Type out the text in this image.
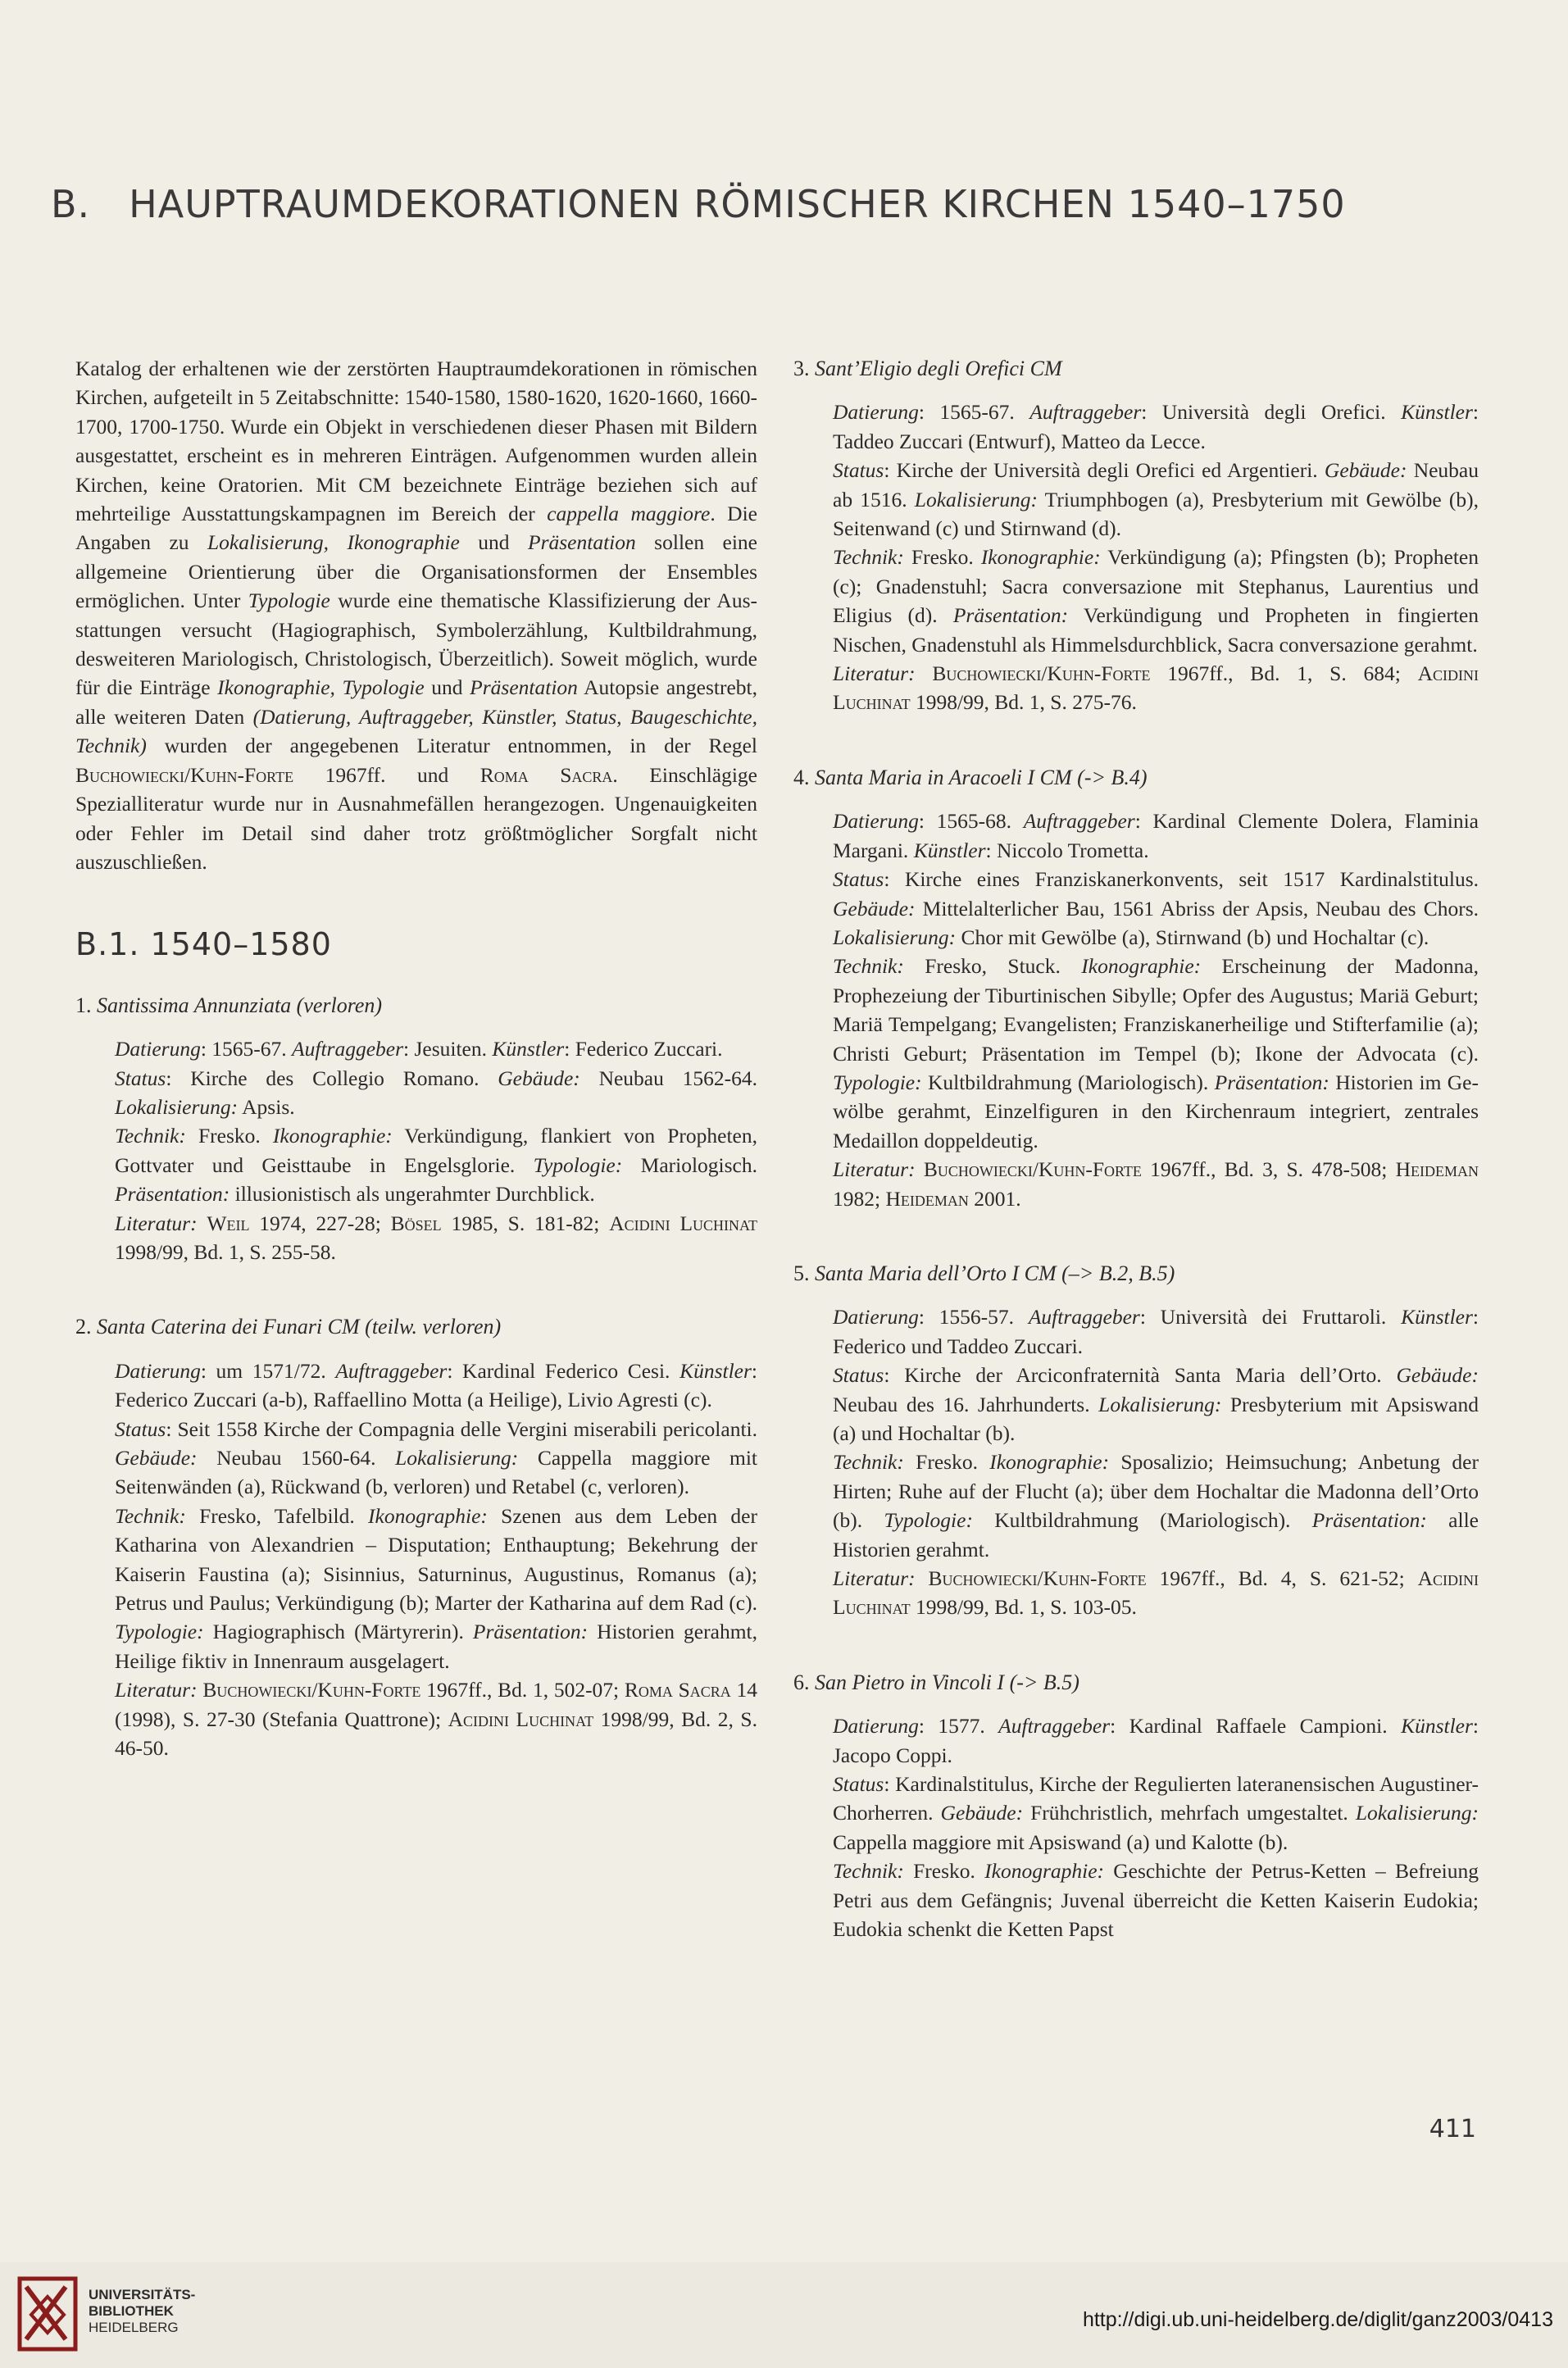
B. HAUPTRAUMDEKORATIONEN RÖMISCHER KIRCHEN 1540–1750

Katalog der erhaltenen wie der zerstörten Hauptraumdekorationen in römischen Kirchen, aufgeteilt in 5 Zeitabschnitte: 1540-1580, 1580-1620, 1620-1660, 1660-1700, 1700-1750. Wurde ein Objekt in verschiedenen dieser Phasen mit Bildern ausgestattet, erscheint es in mehreren Einträgen. Aufgenommen wurden allein Kirchen, keine Oratorien. Mit CM bezeichnete Einträge beziehen sich auf mehrteilige Ausstattungskampagnen im Bereich der cappella maggiore. Die Angaben zu Lokalisierung, Ikonographie und Präsentation sollen eine allgemeine Orientierung über die Organisationsformen der Ensembles ermöglichen. Unter Typologie wurde eine thematische Klassifizierung der Ausstattungen versucht (Hagiographisch, Symbolerzählung, Kultbildrahmung, desweiteren Mariologisch, Christologisch, Überzeitlich). Soweit möglich, wurde für die Einträge Ikonographie, Typologie und Präsentation Autopsie angestrebt, alle weiteren Daten (Datierung, Auftraggeber, Künstler, Status, Baugeschichte, Technik) wurden der angegebenen Literatur entnommen, in der Regel Buchowiecki/Kuhn-Forte 1967ff. und Roma Sacra. Einschlägige Spezialliteratur wurde nur in Ausnahmefällen herangezogen. Ungenauigkeiten oder Fehler im Detail sind daher trotz größtmöglicher Sorgfalt nicht auszuschließen.

B.1. 1540–1580
1. Santissima Annunziata (verloren)

Datierung: 1565-67. Auftraggeber: Jesuiten. Künstler: Federico Zuccari.

Status: Kirche des Collegio Romano. Gebäude: Neubau 1562-64. Lokalisierung: Apsis.

Technik: Fresko. Ikonographie: Verkündigung, flankiert von Propheten, Gottvater und Geisttaube in Engelsglorie. Typologie: Mariologisch. Präsentation: illusionistisch als ungerahmter Durchblick.

Literatur: Weil 1974, 227-28; Bösel 1985, S. 181-82; Acidini Luchinat 1998/99, Bd. 1, S. 255-58.

2. Santa Caterina dei Funari CM (teilw. verloren)

Datierung: um 1571/72. Auftraggeber: Kardinal Federico Cesi. Künstler: Federico Zuccari (a-b), Raffaellino Motta (a Heilige), Livio Agresti (c).

Status: Seit 1558 Kirche der Compagnia delle Vergini miserabili pericolanti. Gebäude: Neubau 1560-64. Lokalisierung: Cappella maggiore mit Seitenwänden (a), Rückwand (b, verloren) und Retabel (c, verloren).

Technik: Fresko, Tafelbild. Ikonographie: Szenen aus dem Leben der Katharina von Alexandrien – Disputation; Enthauptung; Bekehrung der Kaiserin Faustina (a); Sisinnius, Saturninus, Augustinus, Romanus (a); Petrus und Paulus; Verkündigung (b); Marter der Katharina auf dem Rad (c). Typologie: Hagiographisch (Märtyrerin). Präsentation: Historien gerahmt, Heilige fiktiv in Innenraum ausgelagert.

Literatur: Buchowiecki/Kuhn-Forte 1967ff., Bd. 1, 502-07; Roma Sacra 14 (1998), S. 27-30 (Stefania Quattrone); Acidini Luchinat 1998/99, Bd. 2, S. 46-50.

3. Sant’Eligio degli Orefici CM

Datierung: 1565-67. Auftraggeber: Università degli Orefici. Künstler: Taddeo Zuccari (Entwurf), Matteo da Lecce.

Status: Kirche der Università degli Orefici ed Argentieri. Gebäude: Neubau ab 1516. Lokalisierung: Triumphbogen (a), Presbyterium mit Gewölbe (b), Seitenwand (c) und Stirnwand (d).

Technik: Fresko. Ikonographie: Verkündigung (a); Pfingsten (b); Propheten (c); Gnadenstuhl; Sacra conversazione mit Stephanus, Laurentius und Eligius (d). Präsentation: Verkündigung und Propheten in fingierten Nischen, Gnadenstuhl als Himmelsdurchblick, Sacra conversazione gerahmt.

Literatur: Buchowiecki/Kuhn-Forte 1967ff., Bd. 1, S. 684; Acidini Luchinat 1998/99, Bd. 1, S. 275-76.

4. Santa Maria in Aracoeli I CM (-> B.4)

Datierung: 1565-68. Auftraggeber: Kardinal Clemente Dolera, Flaminia Margani. Künstler: Niccolo Trometta.

Status: Kirche eines Franziskanerkonvents, seit 1517 Kardinalstitulus. Gebäude: Mittelalterlicher Bau, 1561 Abriss der Apsis, Neubau des Chors. Lokalisierung: Chor mit Gewölbe (a), Stirnwand (b) und Hochaltar (c).

Technik: Fresko, Stuck. Ikonographie: Erscheinung der Madonna, Prophezeiung der Tiburtinischen Sibylle; Opfer des Augustus; Mariä Geburt; Mariä Tempelgang; Evangelisten; Franziskanerheilige und Stifterfamilie (a); Christi Geburt; Präsentation im Tempel (b); Ikone der Advocata (c). Typologie: Kultbildrahmung (Mariologisch). Präsentation: Historien im Gewölbe gerahmt, Einzelfiguren in den Kirchenraum integriert, zentrales Medaillon doppeldeutig.

Literatur: Buchowiecki/Kuhn-Forte 1967ff., Bd. 3, S. 478-508; Heideman 1982; Heideman 2001.

5. Santa Maria dell’Orto I CM (–> B.2, B.5)

Datierung: 1556-57. Auftraggeber: Università dei Fruttaroli. Künstler: Federico und Taddeo Zuccari.

Status: Kirche der Arciconfraternità Santa Maria dell’Orto. Gebäude: Neubau des 16. Jahrhunderts. Lokalisierung: Presbyterium mit Apsiswand (a) und Hochaltar (b).

Technik: Fresko. Ikonographie: Sposalizio; Heimsuchung; Anbetung der Hirten; Ruhe auf der Flucht (a); über dem Hochaltar die Madonna dell’Orto (b). Typologie: Kultbildrahmung (Mariologisch). Präsentation: alle Historien gerahmt.

Literatur: Buchowiecki/Kuhn-Forte 1967ff., Bd. 4, S. 621-52; Acidini Luchinat 1998/99, Bd. 1, S. 103-05.

6. San Pietro in Vincoli I (-> B.5)

Datierung: 1577. Auftraggeber: Kardinal Raffaele Campioni. Künstler: Jacopo Coppi.

Status: Kardinalstitulus, Kirche der Regulierten lateranensischen Augustiner-Chorherren. Gebäude: Frühchristlich, mehrfach umgestaltet. Lokalisierung: Cappella maggiore mit Apsiswand (a) und Kalotte (b).

Technik: Fresko. Ikonographie: Geschichte der Petrus-Ketten – Befreiung Petri aus dem Gefängnis; Juvenal überreicht die Ketten Kaiserin Eudokia; Eudokia schenkt die Ketten Papst

411
UNIVERSITÄTS-
BIBLIOTHEK
HEIDELBERG	http://digi.ub.uni-heidelberg.de/diglit/ganz2003/0413
